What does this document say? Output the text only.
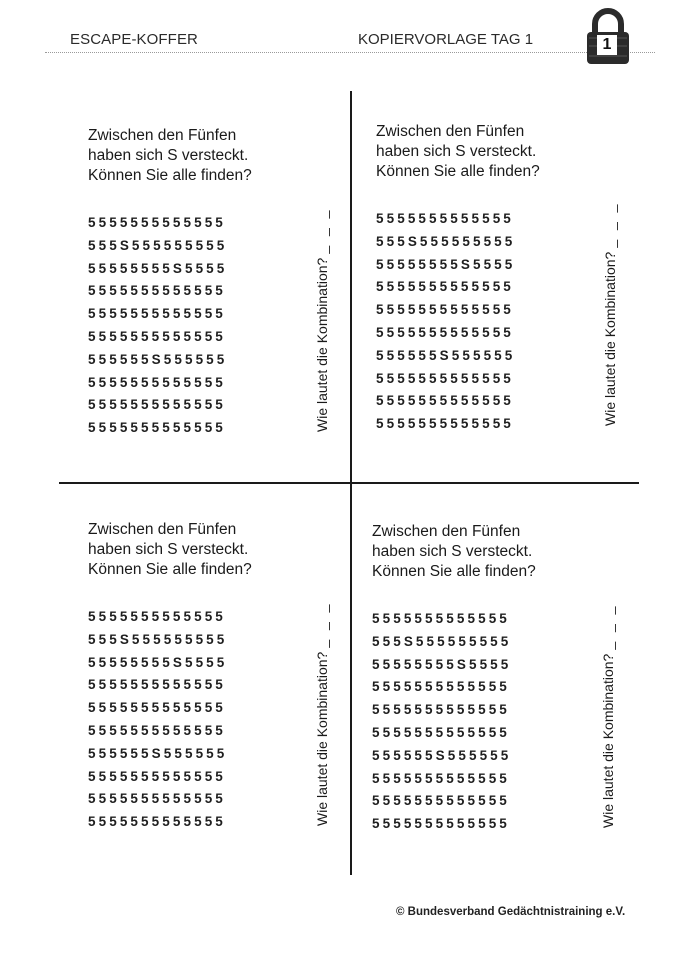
ESCAPE-KOFFER	KOPIERVORLAGE TAG 1	1

Zwischen den Fünfen

haben sich S versteckt.

Können Sie alle finden?

5555555555555
555S555555555
55555555S5555
5555555555555
5555555555555
5555555555555
555555S555555
5555555555555
5555555555555
5555555555555	Wie lautet die Kombination?_ _ _

Zwischen den Fünfen

haben sich S versteckt.

Können Sie alle finden?

5555555555555
555S555555555
55555555S5555
5555555555555
5555555555555
5555555555555
555555S555555
5555555555555
5555555555555
5555555555555	Wie lautet die Kombination?_ _ _

Zwischen den Fünfen

haben sich S versteckt.

Können Sie alle finden?

5555555555555
555S555555555
55555555S5555
5555555555555
5555555555555
5555555555555
555555S555555
5555555555555
5555555555555
5555555555555	Wie lautet die Kombination?_ _ _

Zwischen den Fünfen

haben sich S versteckt.

Können Sie alle finden?

5555555555555
555S555555555
55555555S5555
5555555555555
5555555555555
5555555555555
555555S555555
5555555555555
5555555555555
5555555555555	Wie lautet die Kombination?_ _ _
© Bundesverband Gedächtnistraining e.V.
